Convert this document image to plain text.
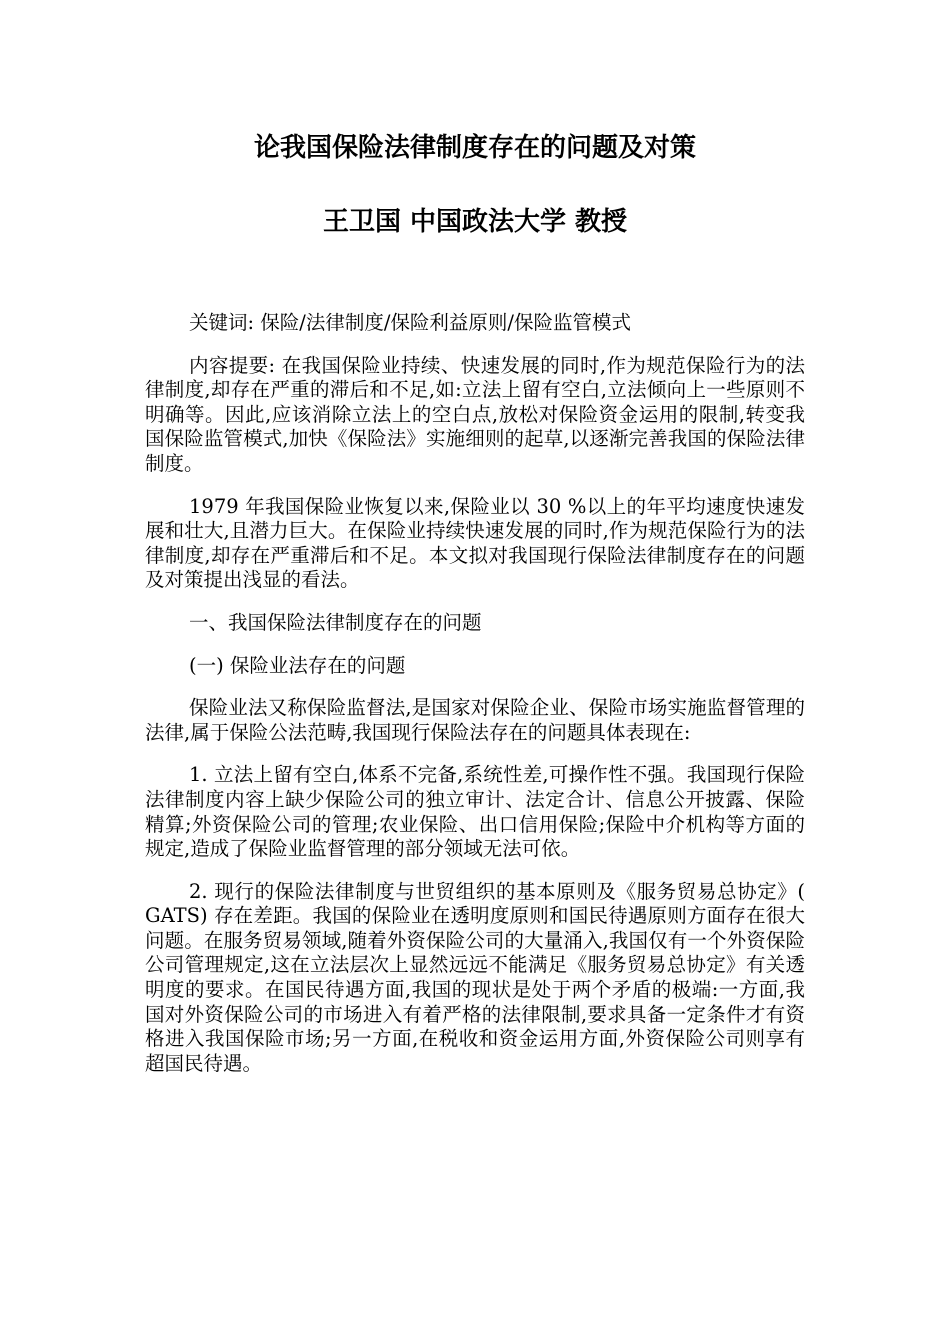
论我国保险法律制度存在的问题及对策
王卫国 中国政法大学 教授

关键词: 保险/法律制度/保险利益原则/保险监管模式

内容提要: 在我国保险业持续、快速发展的同时,作为规范保险行为的法律制度,却存在严重的滞后和不足,如:立法上留有空白,立法倾向上一些原则不明确等。因此,应该消除立法上的空白点,放松对保险资金运用的限制,转变我国保险监管模式,加快《保险法》实施细则的起草,以逐渐完善我国的保险法律制度。

1979 年我国保险业恢复以来,保险业以 30 %以上的年平均速度快速发展和壮大,且潜力巨大。在保险业持续快速发展的同时,作为规范保险行为的法律制度,却存在严重滞后和不足。本文拟对我国现行保险法律制度存在的问题及对策提出浅显的看法。

一、我国保险法律制度存在的问题

(一) 保险业法存在的问题

保险业法又称保险监督法,是国家对保险企业、保险市场实施监督管理的法律,属于保险公法范畴,我国现行保险法存在的问题具体表现在:

1. 立法上留有空白,体系不完备,系统性差,可操作性不强。我国现行保险法律制度内容上缺少保险公司的独立审计、法定合计、信息公开披露、保险精算;外资保险公司的管理;农业保险、出口信用保险;保险中介机构等方面的规定,造成了保险业监督管理的部分领域无法可依。

2. 现行的保险法律制度与世贸组织的基本原则及《服务贸易总协定》( GATS) 存在差距。我国的保险业在透明度原则和国民待遇原则方面存在很大问题。在服务贸易领域,随着外资保险公司的大量涌入,我国仅有一个外资保险公司管理规定,这在立法层次上显然远远不能满足《服务贸易总协定》有关透明度的要求。在国民待遇方面,我国的现状是处于两个矛盾的极端:一方面,我国对外资保险公司的市场进入有着严格的法律限制,要求具备一定条件才有资格进入我国保险市场;另一方面,在税收和资金运用方面,外资保险公司则享有超国民待遇。
